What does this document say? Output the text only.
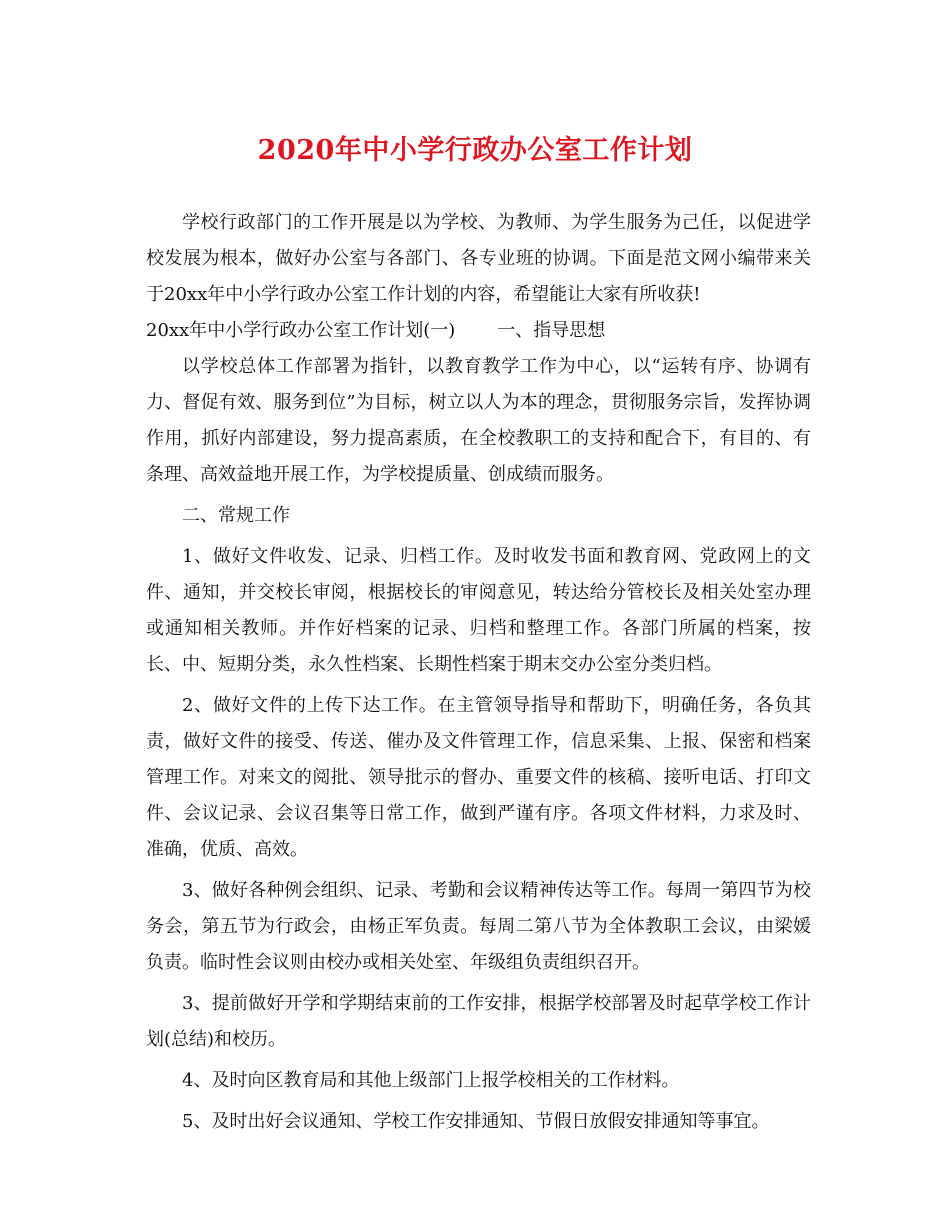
2020年中小学行政办公室工作计划

学校行政部门的工作开展是以为学校、为教师、为学生服务为己任，以促进学校发展为根本，做好办公室与各部门、各专业班的协调。下面是范文网小编带来关于20xx年中小学行政办公室工作计划的内容，希望能让大家有所收获!

20xx年中小学行政办公室工作计划(一) 一、指导思想

以学校总体工作部署为指针，以教育教学工作为中心，以“运转有序、协调有力、督促有效、服务到位”为目标，树立以人为本的理念，贯彻服务宗旨，发挥协调作用，抓好内部建设，努力提高素质，在全校教职工的支持和配合下，有目的、有条理、高效益地开展工作，为学校提质量、创成绩而服务。

二、常规工作

1、做好文件收发、记录、归档工作。及时收发书面和教育网、党政网上的文件、通知，并交校长审阅，根据校长的审阅意见，转达给分管校长及相关处室办理或通知相关教师。并作好档案的记录、归档和整理工作。各部门所属的档案，按长、中、短期分类，永久性档案、长期性档案于期末交办公室分类归档。

2、做好文件的上传下达工作。在主管领导指导和帮助下，明确任务，各负其责，做好文件的接受、传送、催办及文件管理工作，信息采集、上报、保密和档案管理工作。对来文的阅批、领导批示的督办、重要文件的核稿、接听电话、打印文件、会议记录、会议召集等日常工作，做到严谨有序。各项文件材料，力求及时、准确，优质、高效。

3、做好各种例会组织、记录、考勤和会议精神传达等工作。每周一第四节为校务会，第五节为行政会，由杨正军负责。每周二第八节为全体教职工会议，由梁媛负责。临时性会议则由校办或相关处室、年级组负责组织召开。

3、提前做好开学和学期结束前的工作安排，根据学校部署及时起草学校工作计划(总结)和校历。

4、及时向区教育局和其他上级部门上报学校相关的工作材料。

5、及时出好会议通知、学校工作安排通知、节假日放假安排通知等事宜。
